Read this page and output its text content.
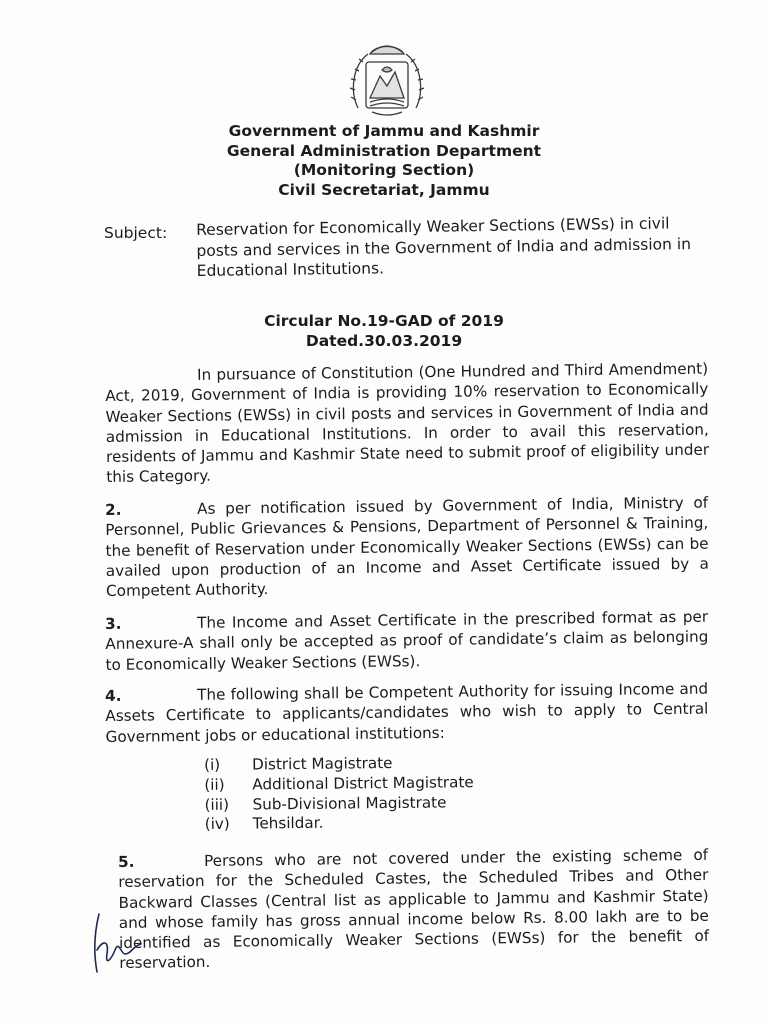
Government of Jammu and Kashmir
General Administration Department
(Monitoring Section)
Civil Secretariat, Jammu
Subject: Reservation for Economically Weaker Sections (EWSs) in civil posts and services in the Government of India and admission in Educational Institutions.
Circular No.19-GAD of 2019
Dated.30.03.2019
In pursuance of Constitution (One Hundred and Third Amendment) Act, 2019, Government of India is providing 10% reservation to Economically Weaker Sections (EWSs) in civil posts and services in Government of India and admission in Educational Institutions. In order to avail this reservation, residents of Jammu and Kashmir State need to submit proof of eligibility under this Category.
2.	As per notification issued by Government of India, Ministry of Personnel, Public Grievances & Pensions, Department of Personnel & Training, the benefit of Reservation under Economically Weaker Sections (EWSs) can be availed upon production of an Income and Asset Certificate issued by a Competent Authority.
3.	The Income and Asset Certificate in the prescribed format as per Annexure-A shall only be accepted as proof of candidate’s claim as belonging to Economically Weaker Sections (EWSs).
4.	The following shall be Competent Authority for issuing Income and Assets Certificate to applicants/candidates who wish to apply to Central Government jobs or educational institutions:
(i) District Magistrate
(ii) Additional District Magistrate
(iii) Sub-Divisional Magistrate
(iv) Tehsildar.
5.	Persons who are not covered under the existing scheme of reservation for the Scheduled Castes, the Scheduled Tribes and Other Backward Classes (Central list as applicable to Jammu and Kashmir State) and whose family has gross annual income below Rs. 8.00 lakh are to be identified as Economically Weaker Sections (EWSs) for the benefit of reservation.
